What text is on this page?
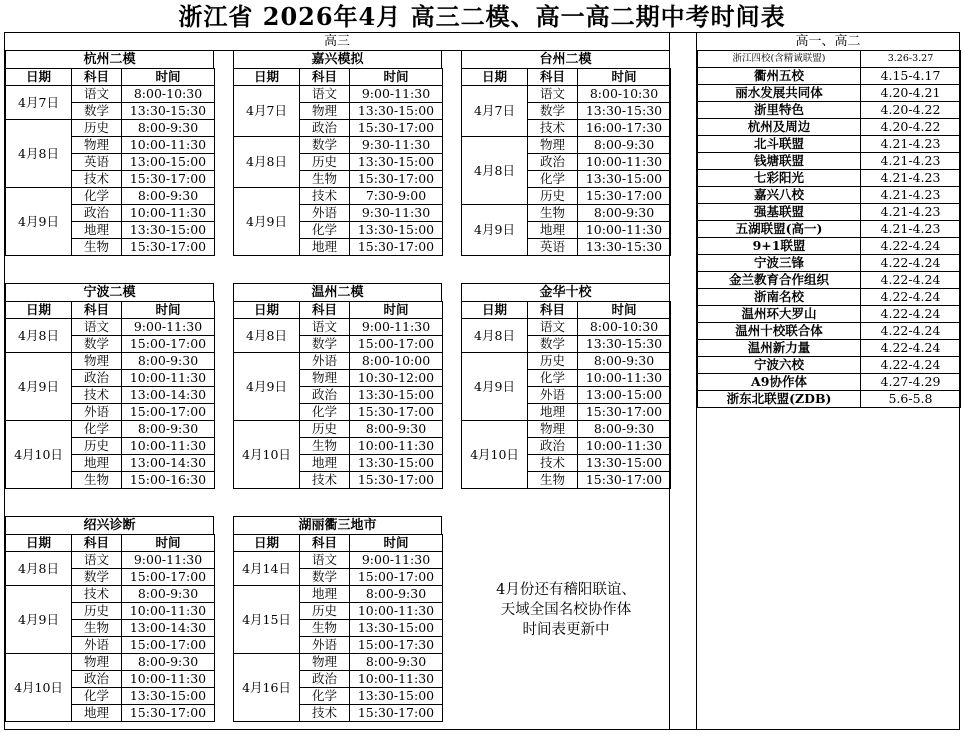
浙江省 2026年4月 高三二模、高一高二期中考时间表
高三	高一、高二
杭州二模
日期	科目	时间
4月7日	语文	8:00-10:30
	数学	13:30-15:30
4月8日	历史	8:00-9:30
	物理	10:00-11:30
	英语	13:00-15:00
	技术	15:30-17:00
4月9日	化学	8:00-9:30
	政治	10:00-11:30
	地理	13:30-15:00
	生物	15:30-17:00
嘉兴模拟
日期	科目	时间
4月7日	语文	9:00-11:30
	物理	13:30-15:00
	政治	15:30-17:00
4月8日	数学	9:30-11:30
	历史	13:30-15:00
	生物	15:30-17:00
4月9日	技术	7:30-9:00
	外语	9:30-11:30
	化学	13:30-15:00
	地理	15:30-17:00
台州二模
日期	科目	时间
4月7日	语文	8:00-10:30
	数学	13:30-15:30
	技术	16:00-17:30
4月8日	物理	8:00-9:30
	政治	10:00-11:30
	化学	13:30-15:00
	历史	15:30-17:00
4月9日	生物	8:00-9:30
	地理	10:00-11:30
	英语	13:30-15:30
宁波二模
日期	科目	时间
4月8日	语文	9:00-11:30
	数学	15:00-17:00
4月9日	物理	8:00-9:30
	政治	10:00-11:30
	技术	13:00-14:30
	外语	15:00-17:00
4月10日	化学	8:00-9:30
	历史	10:00-11:30
	地理	13:00-14:30
	生物	15:00-16:30
温州二模
日期	科目	时间
4月8日	语文	9:00-11:30
	数学	15:00-17:00
4月9日	外语	8:00-10:00
	物理	10:30-12:00
	政治	13:30-15:00
	化学	15:30-17:00
4月10日	历史	8:00-9:30
	生物	10:00-11:30
	地理	13:30-15:00
	技术	15:30-17:00
金华十校
日期	科目	时间
4月8日	语文	8:00-10:30
	数学	13:30-15:30
4月9日	历史	8:00-9:30
	化学	10:00-11:30
	外语	13:00-15:00
	地理	15:30-17:00
4月10日	物理	8:00-9:30
	政治	10:00-11:30
	技术	13:30-15:00
	生物	15:30-17:00
绍兴诊断
日期	科目	时间
4月8日	语文	9:00-11:30
	数学	15:00-17:00
4月9日	技术	8:00-9:30
	历史	10:00-11:30
	生物	13:00-14:30
	外语	15:00-17:00
4月10日	物理	8:00-9:30
	政治	10:00-11:30
	化学	13:30-15:00
	地理	15:30-17:00
湖丽衢三地市
日期	科目	时间
4月14日	语文	9:00-11:30
	数学	15:00-17:00
4月15日	地理	8:00-9:30
	历史	10:00-11:30
	生物	13:30-15:00
	外语	15:00-17:30
4月16日	物理	8:00-9:30
	政治	10:00-11:30
	化学	13:30-15:00
	技术	15:30-17:00
4月份还有稽阳联谊、
天域全国名校协作体
时间表更新中
浙江四校(含精诚联盟)	3.26-3.27
衢州五校	4.15-4.17
丽水发展共同体	4.20-4.21
浙里特色	4.20-4.22
杭州及周边	4.20-4.22
北斗联盟	4.21-4.23
钱塘联盟	4.21-4.23
七彩阳光	4.21-4.23
嘉兴八校	4.21-4.23
强基联盟	4.21-4.23
五湖联盟(高一)	4.21-4.23
9+1联盟	4.22-4.24
宁波三锋	4.22-4.24
金兰教育合作组织	4.22-4.24
浙南名校	4.22-4.24
温州环大罗山	4.22-4.24
温州十校联合体	4.22-4.24
温州新力量	4.22-4.24
宁波六校	4.22-4.24
A9协作体	4.27-4.29
浙东北联盟(ZDB)	5.6-5.8
